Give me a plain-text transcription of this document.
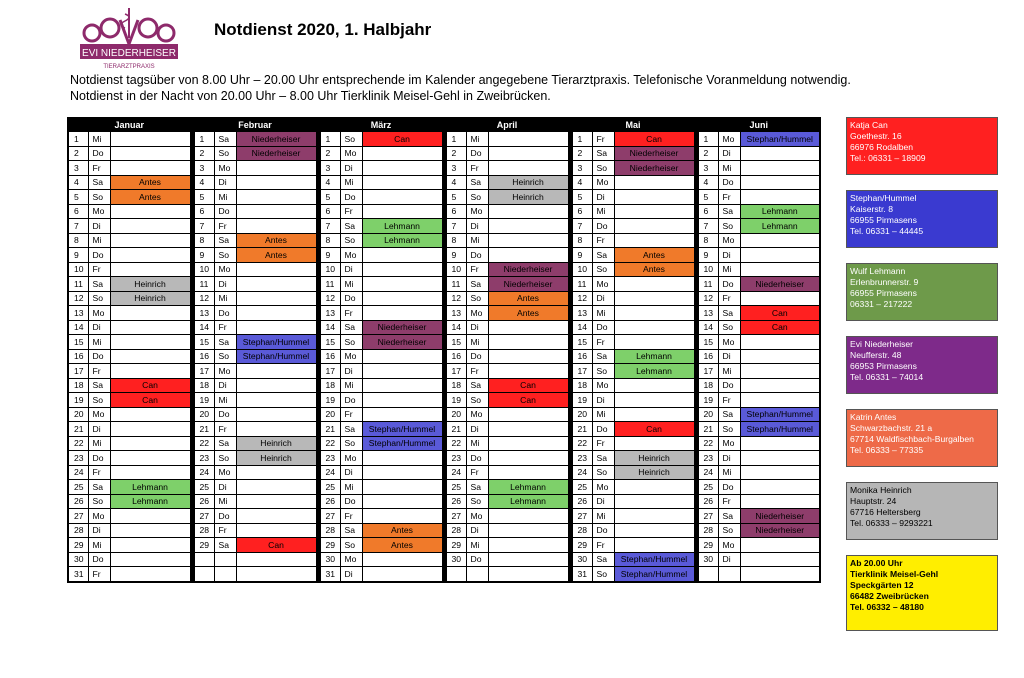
EVI NIEDERHEISER
TIERARZTPRAXIS
Notdienst 2020, 1. Halbjahr
Notdienst tagsüber von 8.00 Uhr – 20.00 Uhr entsprechende im Kalender angegebene Tierarztpraxis. Telefonische Voranmeldung notwendig.
Notdienst in der Nacht von 20.00 Uhr – 8.00 Uhr Tierklinik Meisel-Gehl in Zweibrücken.
Januar				Februar				März				April				Mai				Juni		
1	Mi			1	Sa	Niederheiser		1	So	Can		1	Mi			1	Fr	Can		1	Mo	Stephan/Hummel
2	Do			2	So	Niederheiser		2	Mo			2	Do			2	Sa	Niederheiser		2	Di	
3	Fr			3	Mo			3	Di			3	Fr			3	So	Niederheiser		3	Mi	
4	Sa	Antes		4	Di			4	Mi			4	Sa	Heinrich		4	Mo			4	Do	
5	So	Antes		5	Mi			5	Do			5	So	Heinrich		5	Di			5	Fr	
6	Mo			6	Do			6	Fr			6	Mo			6	Mi			6	Sa	Lehmann
7	Di			7	Fr			7	Sa	Lehmann		7	Di			7	Do			7	So	Lehmann
8	Mi			8	Sa	Antes		8	So	Lehmann		8	Mi			8	Fr			8	Mo	
9	Do			9	So	Antes		9	Mo			9	Do			9	Sa	Antes		9	Di	
10	Fr			10	Mo			10	Di			10	Fr	Niederheiser		10	So	Antes		10	Mi	
11	Sa	Heinrich		11	Di			11	Mi			11	Sa	Niederheiser		11	Mo			11	Do	Niederheiser
12	So	Heinrich		12	Mi			12	Do			12	So	Antes		12	Di			12	Fr	
13	Mo			13	Do			13	Fr			13	Mo	Antes		13	Mi			13	Sa	Can
14	Di			14	Fr			14	Sa	Niederheiser		14	Di			14	Do			14	So	Can
15	Mi			15	Sa	Stephan/Hummel		15	So	Niederheiser		15	Mi			15	Fr			15	Mo	
16	Do			16	So	Stephan/Hummel		16	Mo			16	Do			16	Sa	Lehmann		16	Di	
17	Fr			17	Mo			17	Di			17	Fr			17	So	Lehmann		17	Mi	
18	Sa	Can		18	Di			18	Mi			18	Sa	Can		18	Mo			18	Do	
19	So	Can		19	Mi			19	Do			19	So	Can		19	Di			19	Fr	
20	Mo			20	Do			20	Fr			20	Mo			20	Mi			20	Sa	Stephan/Hummel
21	Di			21	Fr			21	Sa	Stephan/Hummel		21	Di			21	Do	Can		21	So	Stephan/Hummel
22	Mi			22	Sa	Heinrich		22	So	Stephan/Hummel		22	Mi			22	Fr			22	Mo	
23	Do			23	So	Heinrich		23	Mo			23	Do			23	Sa	Heinrich		23	Di	
24	Fr			24	Mo			24	Di			24	Fr			24	So	Heinrich		24	Mi	
25	Sa	Lehmann		25	Di			25	Mi			25	Sa	Lehmann		25	Mo			25	Do	
26	So	Lehmann		26	Mi			26	Do			26	So	Lehmann		26	Di			26	Fr	
27	Mo			27	Do			27	Fr			27	Mo			27	Mi			27	Sa	Niederheiser
28	Di			28	Fr			28	Sa	Antes		28	Di			28	Do			28	So	Niederheiser
29	Mi			29	Sa	Can		29	So	Antes		29	Mi			29	Fr			29	Mo	
30	Do							30	Mo			30	Do			30	Sa	Stephan/Hummel		30	Di	
31	Fr							31	Di							31	So	Stephan/Hummel				
Katja Can
Goethestr. 16
66976 Rodalben
Tel.: 06331 – 18909
Stephan/Hummel
Kaiserstr. 8
66955 Pirmasens
Tel. 06331 – 44445
Wulf Lehmann
Erlenbrunnerstr. 9
66955 Pirmasens
06331 – 217222
Evi Niederheiser
Neufferstr. 48
66953 Pirmasens
Tel. 06331 – 74014
Katrin Antes
Schwarzbachstr. 21 a
67714 Waldfischbach-Burgalben
Tel. 06333 – 77335
Monika Heinrich
Hauptstr. 24
67716 Heltersberg
Tel. 06333 – 9293221
Ab 20.00 Uhr
Tierklinik Meisel-Gehl
Speckgärten 12
66482 Zweibrücken
Tel. 06332 – 48180
